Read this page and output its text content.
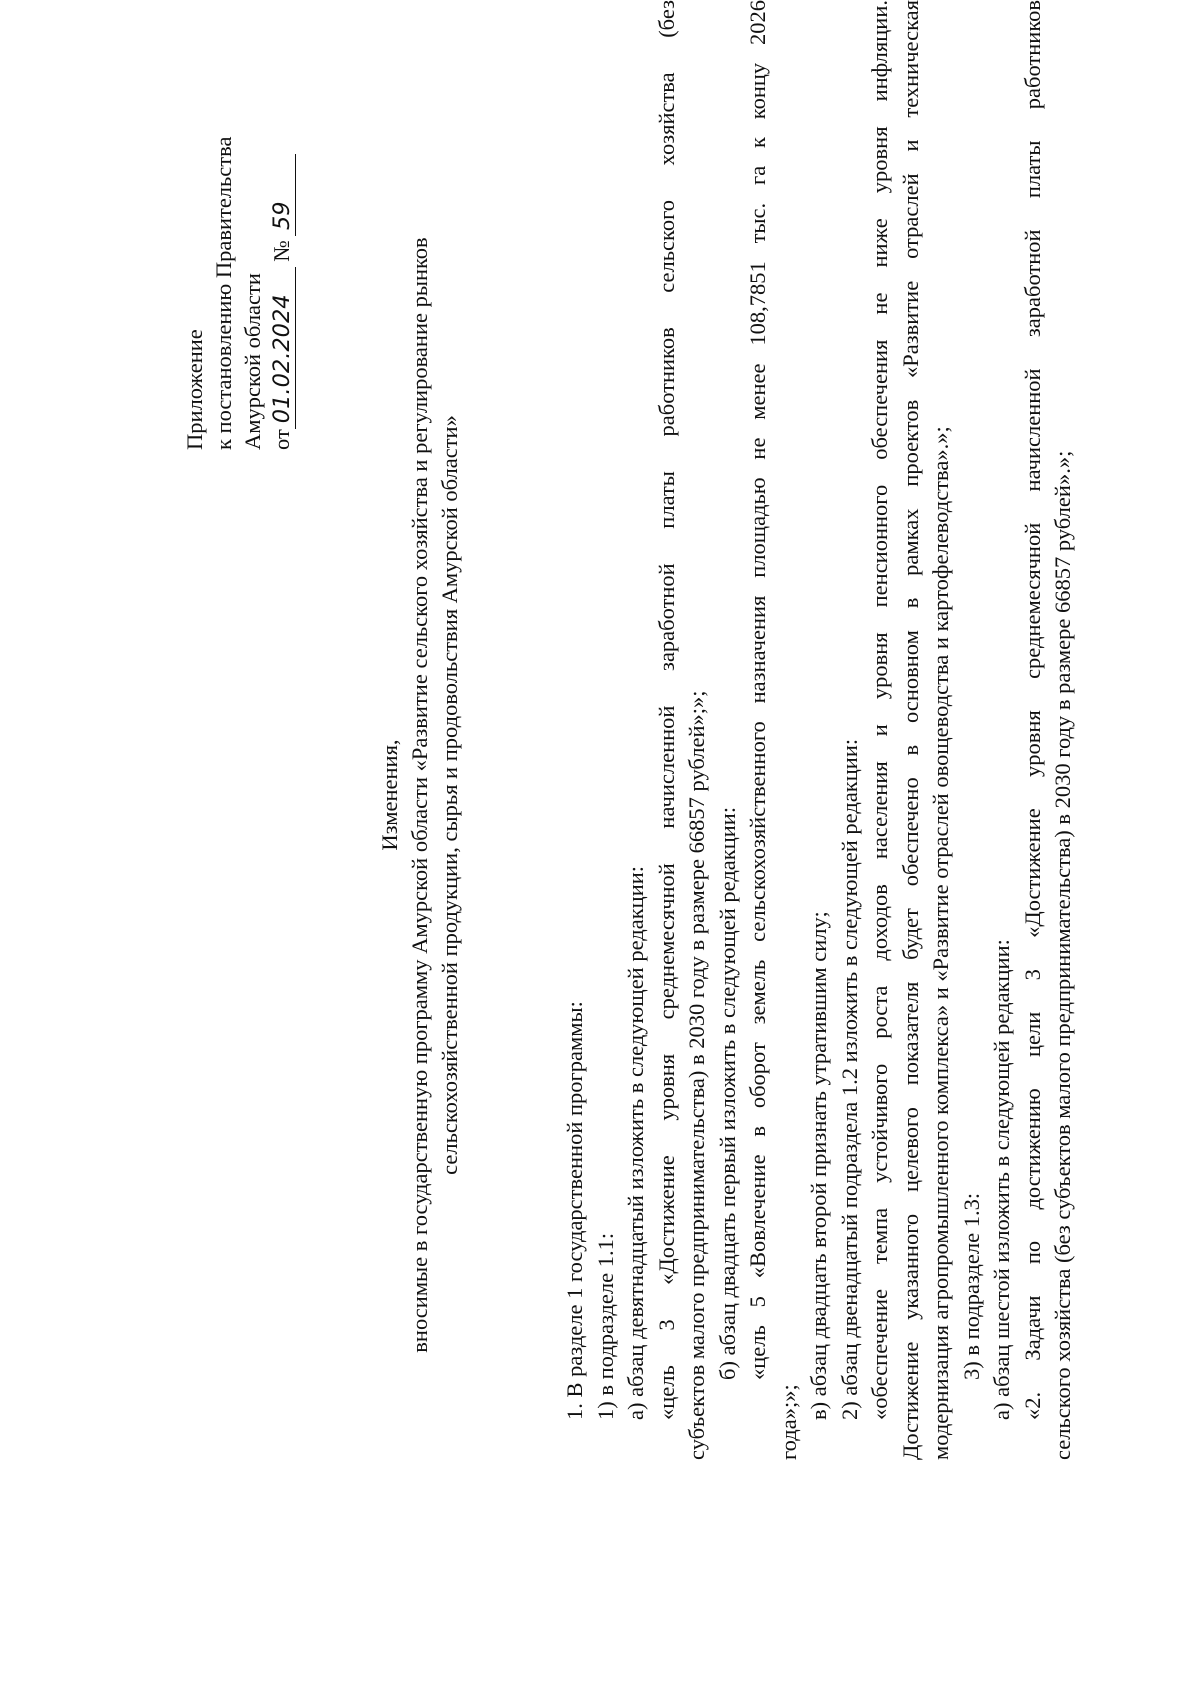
Приложение к постановлению Правительства Амурской области от01.02.2024 №59
Изменения, вносимые в государственную программу Амурской области «Развитие сельского хозяйства и регулирование рынков сельскохозяйственной продукции, сырья и продовольствия Амурской области»
1. В разделе 1 государственной программы: 1) в подразделе 1.1: а) абзац девятнадцатый изложить в следующей редакции: «цель 3 «Достижение уровня среднемесячной начисленной заработной платы работников сельского хозяйства (без субъектов малого предпринимательства) в 2030 году в размере 66857 рублей»;»; б) абзац двадцать первый изложить в следующей редакции: «цель 5 «Вовлечение в оборот земель сельскохозяйственного назначения площадью не менее 108,7851 тыс. га к концу 2026
года»;»;
в) абзац двадцать второй признать утратившим силу; 2) абзац двенадцатый подраздела 1.2 изложить в следующей редакции: «обеспечение темпа устойчивого роста доходов населения и уровня пенсионного обеспечения не ниже уровня инфляции. Достижение указанного целевого показателя будет обеспечено в основном в рамках проектов «Развитие отраслей и техническая модернизация агропромышленного комплекса» и «Развитие отраслей овощеводства и картофелеводства».»; 3) в подразделе 1.3: а) абзац шестой изложить в следующей редакции: «2. Задачи по достижению цели 3 «Достижение уровня среднемесячной начисленной заработной платы работников сельского хозяйства (без субъектов малого предпринимательства) в 2030 году в размере 66857 рублей».»;
